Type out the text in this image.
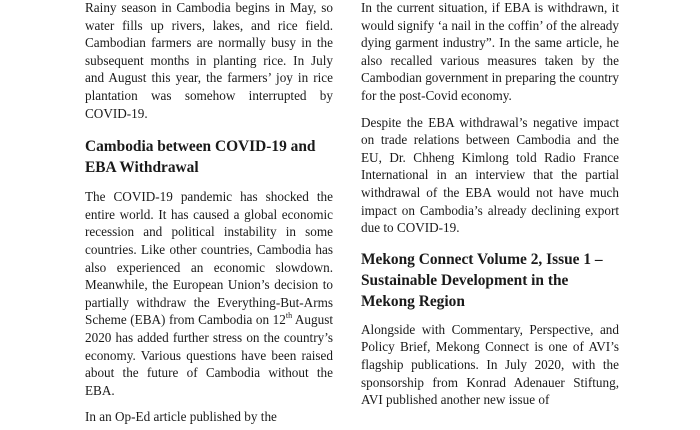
Rainy season in Cambodia begins in May, so water fills up rivers, lakes, and rice field. Cambodian farmers are normally busy in the subsequent months in planting rice. In July and August this year, the farmers’ joy in rice plantation was somehow interrupted by COVID-19.

Cambodia between COVID-19 and EBA Withdrawal

The COVID-19 pandemic has shocked the entire world. It has caused a global economic recession and political instability in some countries. Like other countries, Cambodia has also experienced an economic slowdown. Meanwhile, the European Union’s decision to partially withdraw the Everything-But-Arms Scheme (EBA) from Cambodia on 12th August 2020 has added further stress on the country’s economy. Various questions have been raised about the future of Cambodia without the EBA.

In an Op-Ed article published by the

In the current situation, if EBA is withdrawn, it would signify ‘a nail in the coffin’ of the already dying garment industry”. In the same article, he also recalled various measures taken by the Cambodian government in preparing the country for the post-Covid economy.

Despite the EBA withdrawal’s negative impact on trade relations between Cambodia and the EU, Dr. Chheng Kimlong told Radio France International in an interview that the partial withdrawal of the EBA would not have much impact on Cambodia’s already declining export due to COVID-19.

Mekong Connect Volume 2, Issue 1 – Sustainable Development in the Mekong Region

Alongside with Commentary, Perspective, and Policy Brief, Mekong Connect is one of AVI’s flagship publications. In July 2020, with the sponsorship from Konrad Adenauer Stiftung, AVI published another new issue of
